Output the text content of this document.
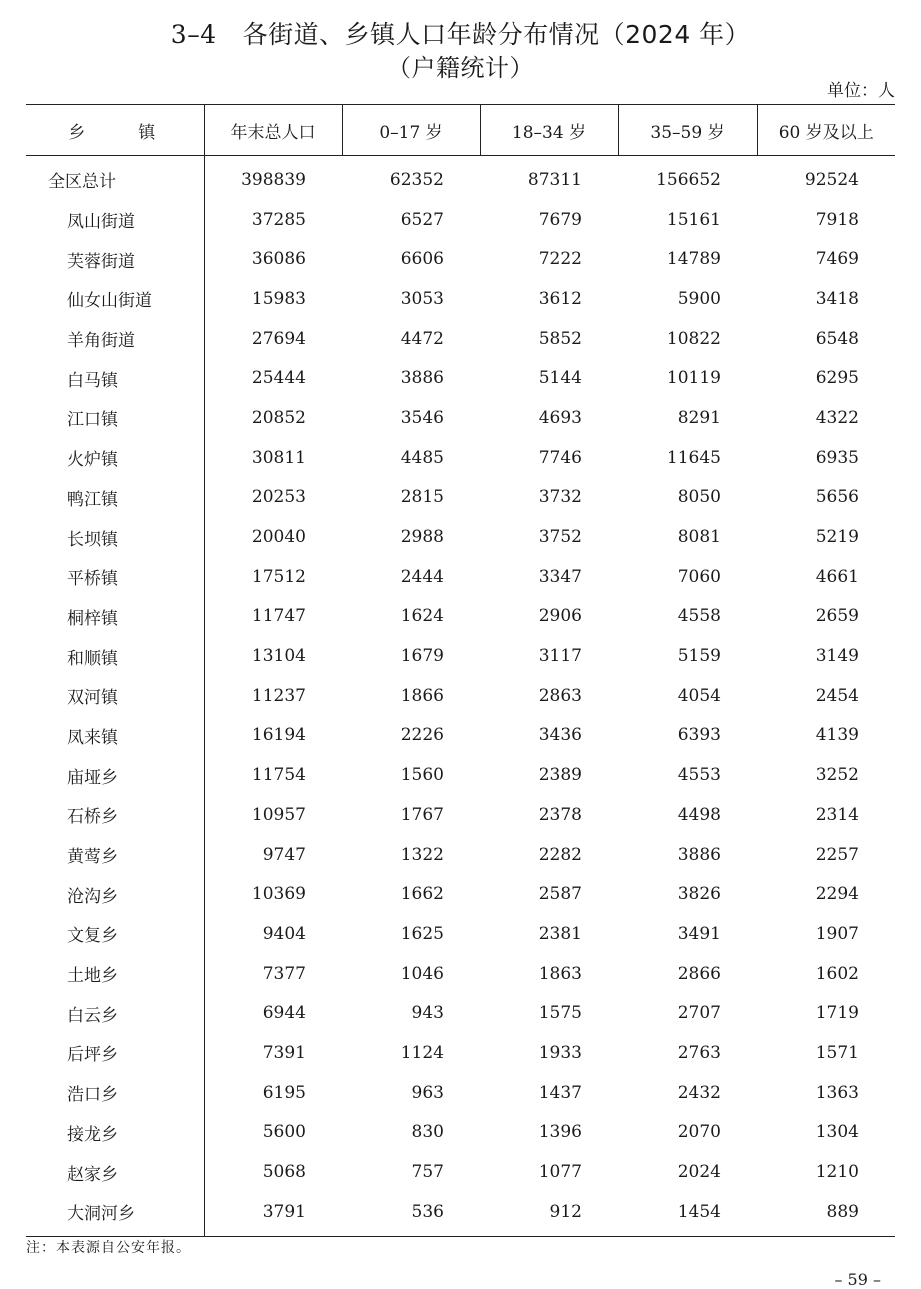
3–4 各街道、乡镇人口年龄分布情况（2024 年）
（户籍统计）
单位：人
乡　镇	年末总人口	0–17 岁	18–34 岁	35–59 岁	60 岁及以上
全区总计	398839	62352	87311	156652	92524
凤山街道	37285	6527	7679	15161	7918
芙蓉街道	36086	6606	7222	14789	7469
仙女山街道	15983	3053	3612	5900	3418
羊角街道	27694	4472	5852	10822	6548
白马镇	25444	3886	5144	10119	6295
江口镇	20852	3546	4693	8291	4322
火炉镇	30811	4485	7746	11645	6935
鸭江镇	20253	2815	3732	8050	5656
长坝镇	20040	2988	3752	8081	5219
平桥镇	17512	2444	3347	7060	4661
桐梓镇	11747	1624	2906	4558	2659
和顺镇	13104	1679	3117	5159	3149
双河镇	11237	1866	2863	4054	2454
凤来镇	16194	2226	3436	6393	4139
庙垭乡	11754	1560	2389	4553	3252
石桥乡	10957	1767	2378	4498	2314
黄莺乡	9747	1322	2282	3886	2257
沧沟乡	10369	1662	2587	3826	2294
文复乡	9404	1625	2381	3491	1907
土地乡	7377	1046	1863	2866	1602
白云乡	6944	943	1575	2707	1719
后坪乡	7391	1124	1933	2763	1571
浩口乡	6195	963	1437	2432	1363
接龙乡	5600	830	1396	2070	1304
赵家乡	5068	757	1077	2024	1210
大洞河乡	3791	536	912	1454	889
注：本表源自公安年报。
– 59 –
